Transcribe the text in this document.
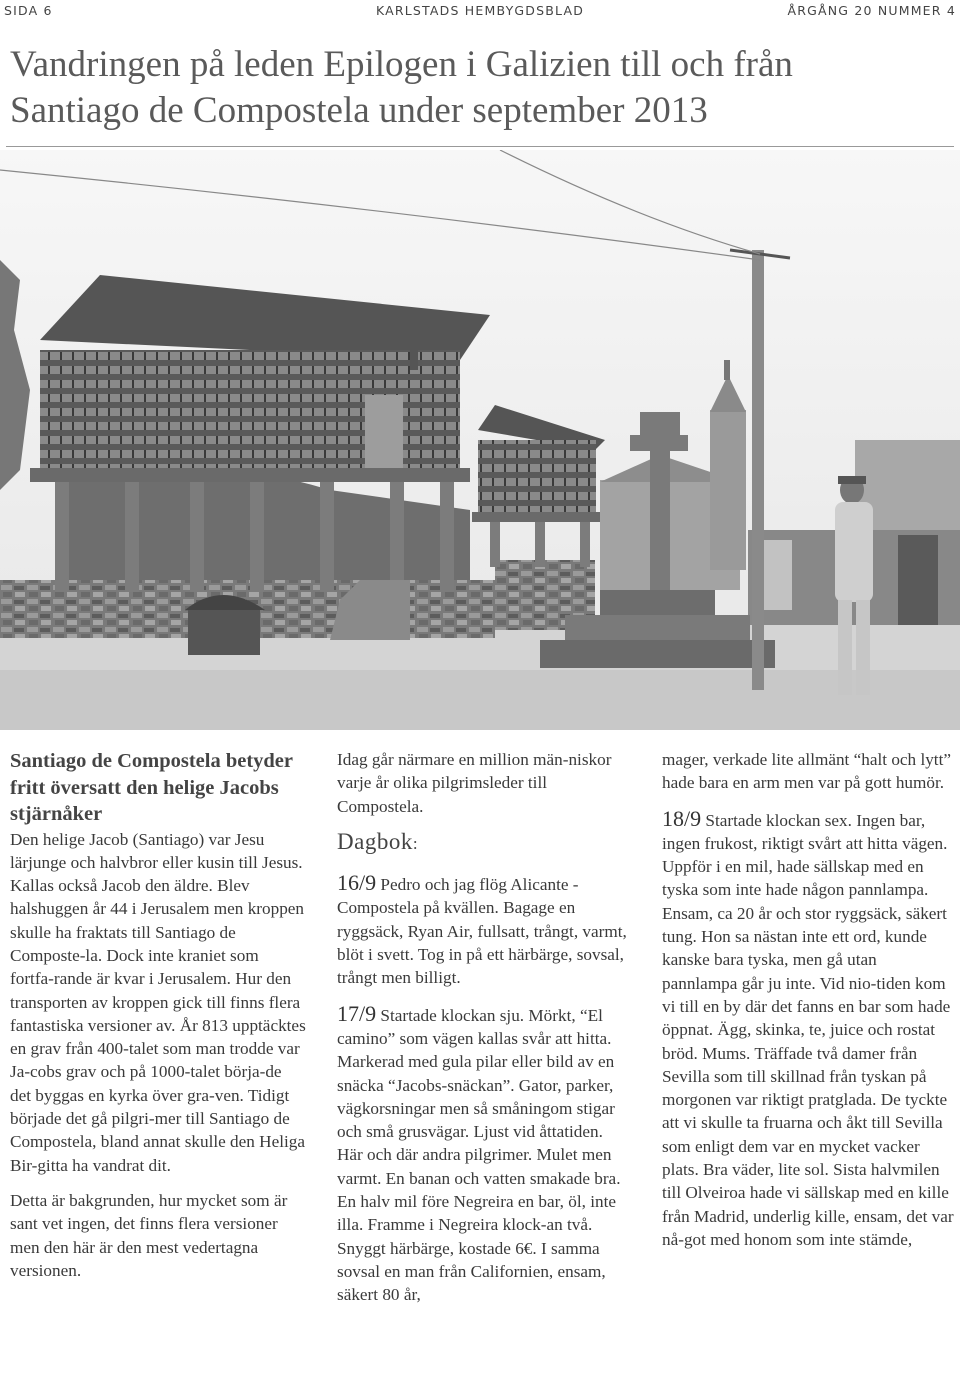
SIDA 6	KARLSTADS HEMBYGDSBLAD	ÅRGÅNG 20 NUMMER 4
Vandringen på leden Epilogen i Galizien till och från
Santiago de Compostela under september 2013

Santiago de Compostela betyder fritt översatt den helige Jacobs stjärnåker

Den helige Jacob (Santiago) var Jesu lärjunge och halvbror eller kusin till Jesus. Kallas också Jacob den äldre. Blev halshuggen år 44 i Jerusalem men kroppen skulle ha fraktats till Santiago de Composte-la. Dock inte kraniet som fortfa-rande är kvar i Jerusalem. Hur den transporten av kroppen gick till finns flera fantastiska versioner av. År 813 upptäcktes en grav från 400-talet som man trodde var Ja-cobs grav och på 1000-talet börja-de det byggas en kyrka över gra-ven. Tidigt började det gå pilgri-mer till Santiago de Compostela, bland annat skulle den Heliga Bir-gitta ha vandrat dit.

Detta är bakgrunden, hur mycket som är sant vet ingen, det finns flera versioner men den här är den mest vedertagna versionen.

Idag går närmare en million män-niskor varje år olika pilgrimsleder till Compostela.

Dagbok:

16/9 Pedro och jag flög Alicante - Compostela på kvällen. Bagage en ryggsäck, Ryan Air, fullsatt, trångt, varmt, blöt i svett. Tog in på ett härbärge, sovsal, trångt men billigt.

17/9 Startade klockan sju. Mörkt, “El camino” som vägen kallas svår att hitta. Markerad med gula pilar eller bild av en snäcka “Jacobs-snäckan”. Gator, parker, vägkorsningar men så småningom stigar och små grusvägar. Ljust vid åttatiden. Här och där andra pilgrimer. Mulet men varmt. En banan och vatten smakade bra. En halv mil före Negreira en bar, öl, inte illa. Framme i Negreira klock-an två. Snyggt härbärge, kostade 6€. I samma sovsal en man från Californien, ensam, säkert 80 år,

mager, verkade lite allmänt “halt och lytt” hade bara en arm men var på gott humör.

18/9 Startade klockan sex. Ingen bar, ingen frukost, riktigt svårt att hitta vägen. Uppför i en mil, hade sällskap med en tyska som inte hade någon pannlampa. Ensam, ca 20 år och stor ryggsäck, säkert tung. Hon sa nästan inte ett ord, kunde kanske bara tyska, men gå utan pannlampa går ju inte. Vid nio-tiden kom vi till en by där det fanns en bar som hade öppnat. Ägg, skinka, te, juice och rostat bröd. Mums. Träffade två damer från Sevilla som till skillnad från tyskan på morgonen var riktigt pratglada. De tyckte att vi skulle ta fruarna och åkt till Sevilla som enligt dem var en mycket vacker plats. Bra väder, lite sol. Sista halvmilen till Olveiroa hade vi sällskap med en kille från Madrid, underlig kille, ensam, det var nå-got med honom som inte stämde,
